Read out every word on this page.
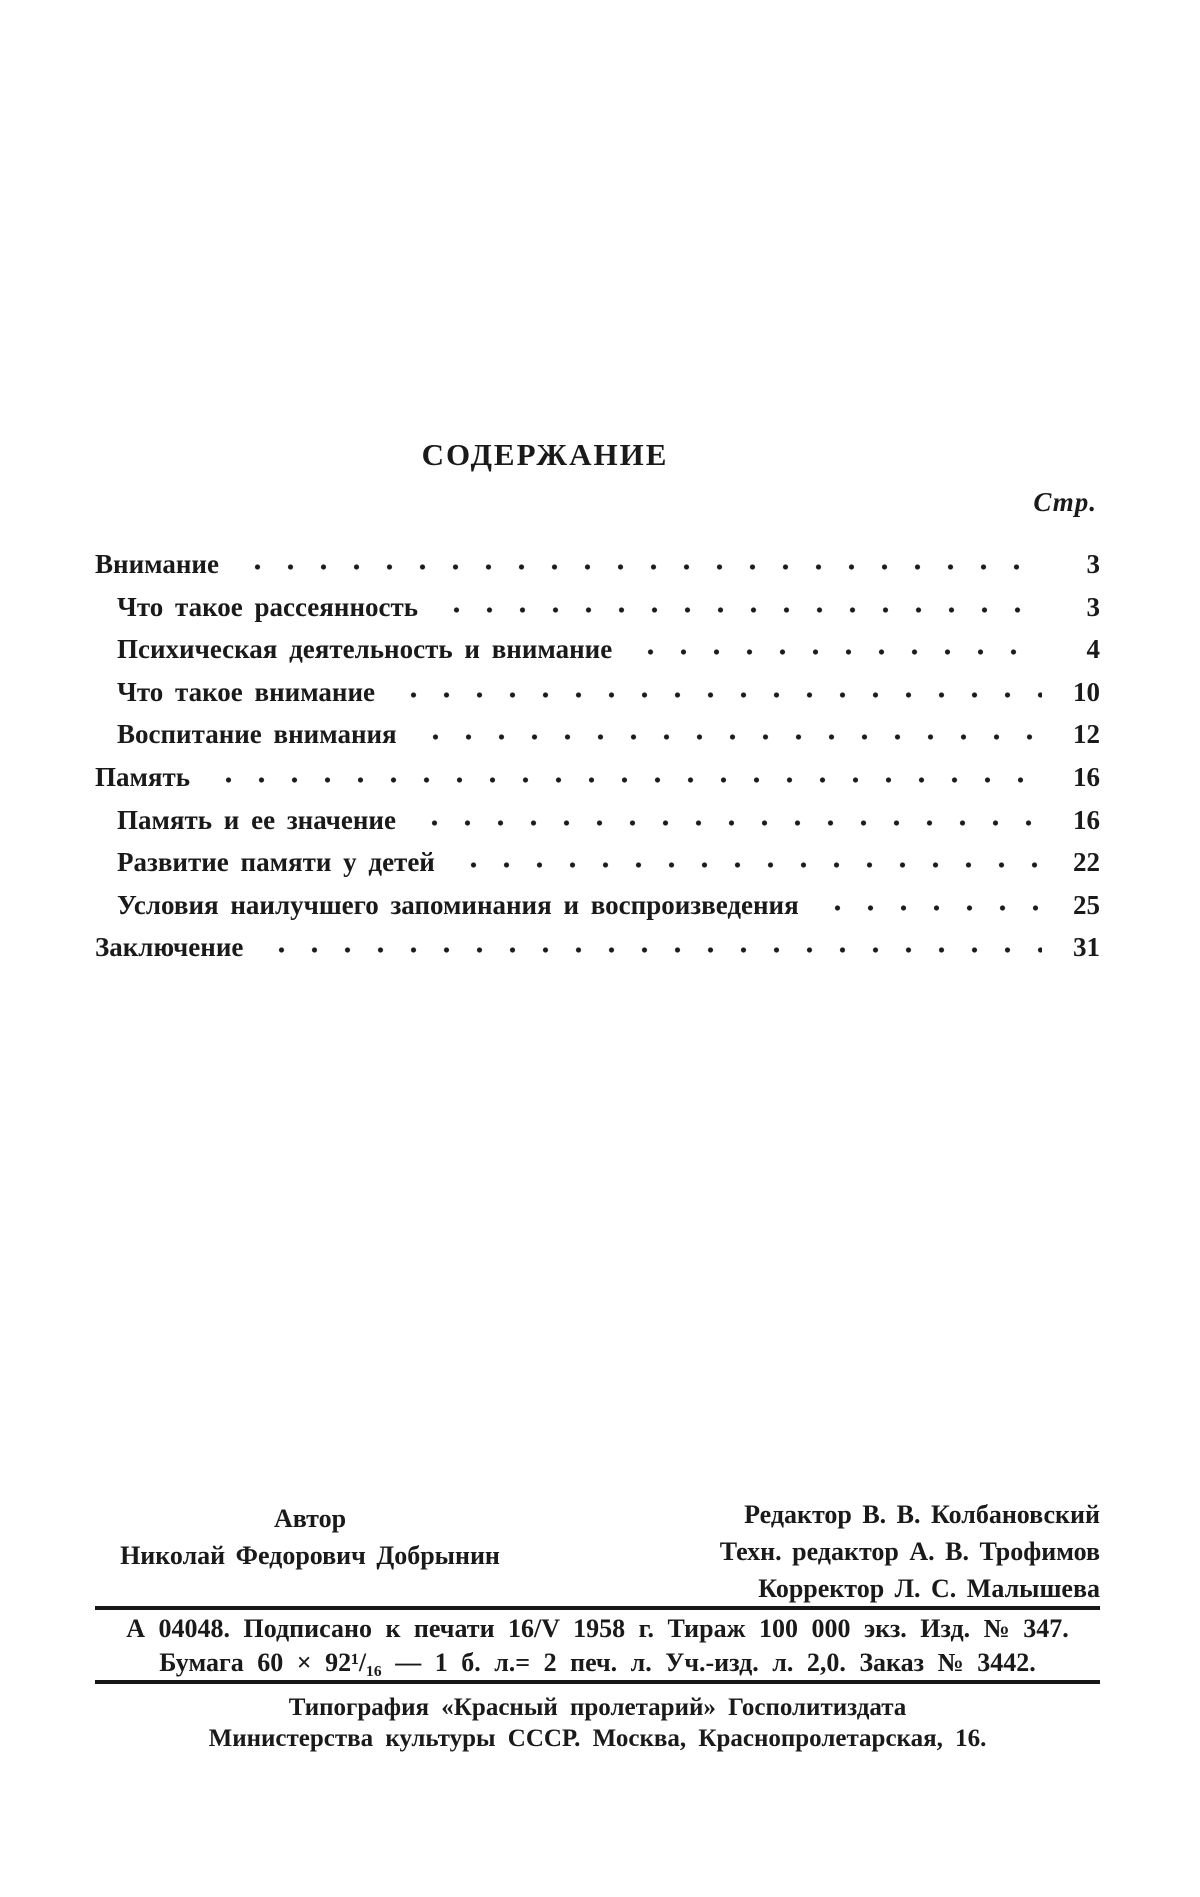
СОДЕРЖАНИЕ
Стр.
Внимание	3
Что такое рассеянность	3
Психическая деятельность и внимание	4
Что такое внимание	10
Воспитание внимания	12
Память	16
Память и ее значение	16
Развитие памяти у детей	22
Условия наилучшего запоминания и воспроизведения	25
Заключение	31
Автор
Николай Федорович Добрынин
Редактор В. В. Колбановский
Техн. редактор А. В. Трофимов
Корректор Л. С. Малышева
А 04048. Подписано к печати 16/V 1958 г. Тираж 100 000 экз. Изд. № 347.
Бумага 60 × 92¹/₁₆ — 1 б. л.= 2 печ. л. Уч.-изд. л. 2,0. Заказ № 3442.
Типография «Красный пролетарий» Госполитиздата
Министерства культуры СССР. Москва, Краснопролетарская, 16.
